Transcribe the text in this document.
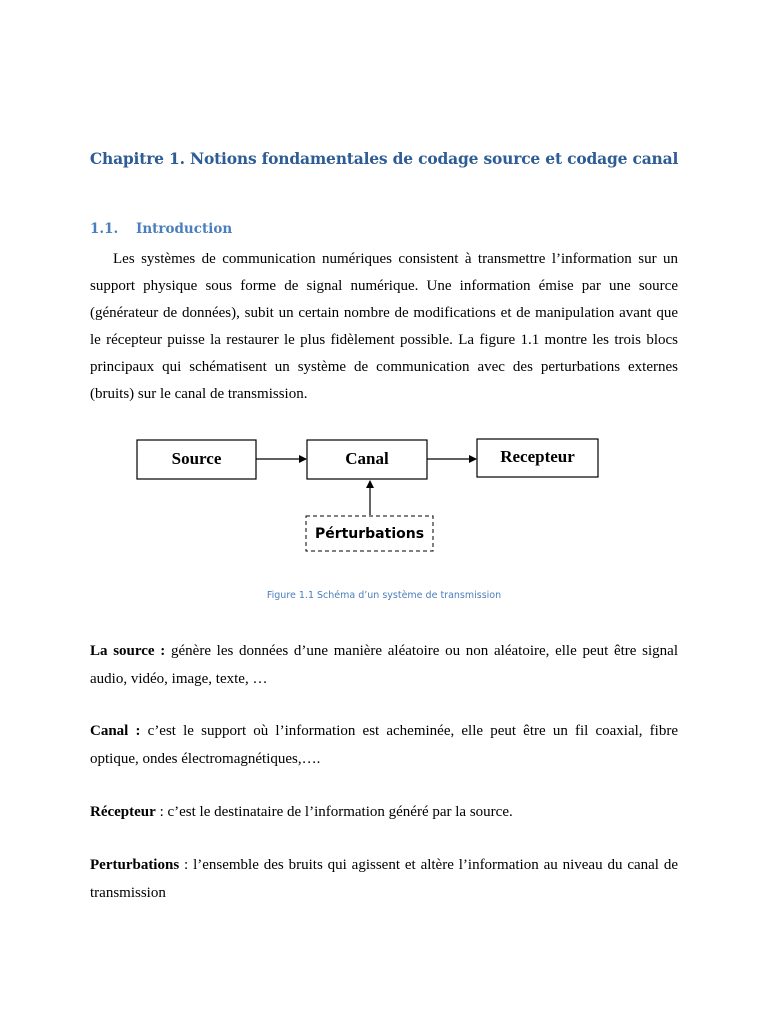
Chapitre 1. Notions fondamentales de codage source et codage canal
1.1. Introduction

Les systèmes de communication numériques consistent à transmettre l’information sur un support physique sous forme de signal numérique. Une information émise par une source (générateur de données), subit un certain nombre de modifications et de manipulation avant que le récepteur puisse la restaurer le plus fidèlement possible. La figure 1.1 montre les trois blocs principaux qui schématisent un système de communication avec des perturbations externes (bruits) sur le canal de transmission.

Source	Canal	Recepteur
Pérturbations

Figure 1.1 Schéma d’un système de transmission

La source : génère les données d’une manière aléatoire ou non aléatoire, elle peut être signal audio, vidéo, image, texte, …

Canal : c’est le support où l’information est acheminée, elle peut être un fil coaxial, fibre optique, ondes électromagnétiques,….

Récepteur : c’est le destinataire de l’information généré par la source.

Perturbations : l’ensemble des bruits qui agissent et altère l’information au niveau du canal de transmission
